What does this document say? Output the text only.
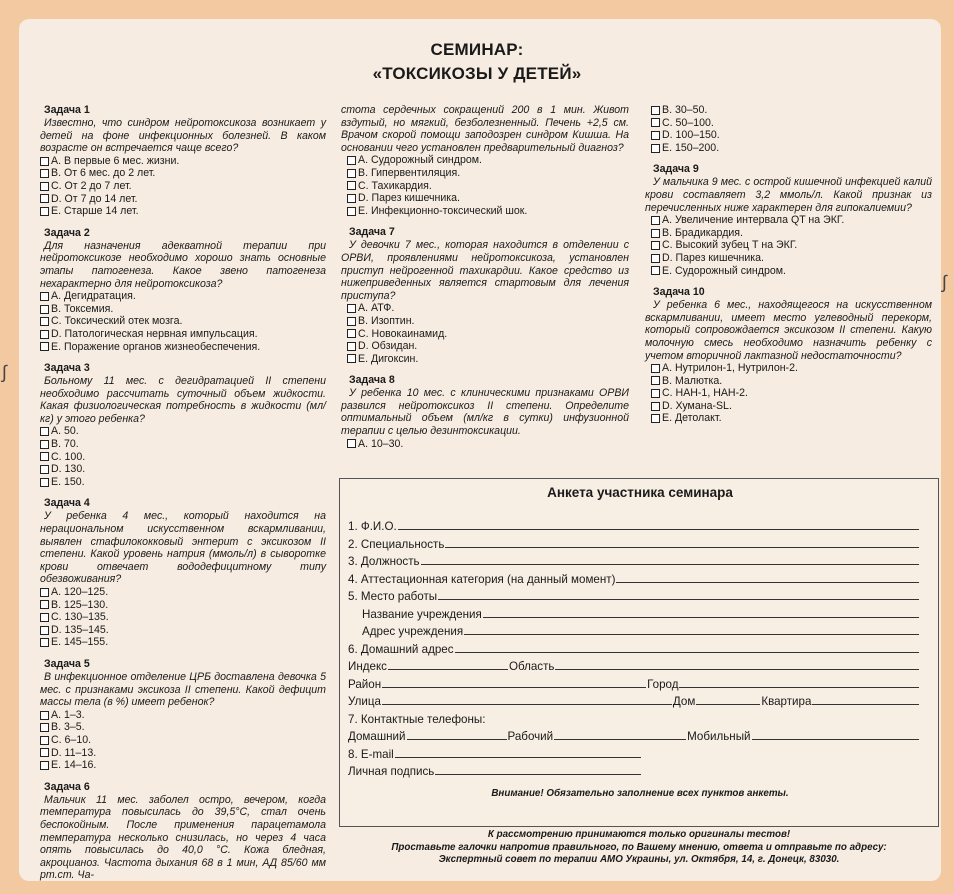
∫
∫
СЕМИНАР:
«ТОКСИКОЗЫ У ДЕТЕЙ»
Задача 1
Известно, что синдром нейротоксикоза возникает у детей на фоне инфекционных болезней. В каком возрасте он встречается чаще всего?
A. В первые 6 мес. жизни.
B. От 6 мес. до 2 лет.
C. От 2 до 7 лет.
D. От 7 до 14 лет.
E. Старше 14 лет.
Задача 2
Для назначения адекватной терапии при нейротоксикозе необходимо хорошо знать основные этапы патогенеза. Какое звено патогенеза нехарактерно для нейротоксикоза?
A. Дегидратация.
B. Токсемия.
C. Токсический отек мозга.
D. Патологическая нервная импульсация.
E. Поражение органов жизнеобеспечения.
Задача 3
Больному 11 мес. с дегидратацией II степени необходимо рассчитать суточный объем жидкости. Какая физиологическая потребность в жидкости (мл/кг) у этого ребенка?
A. 50.
B. 70.
C. 100.
D. 130.
E. 150.
Задача 4
У ребенка 4 мес., который находится на нерациональном искусственном вскармливании, выявлен стафилококковый энтерит с эксикозом II степени. Какой уровень натрия (ммоль/л) в сыворотке крови отвечает вододефицитному типу обезвоживания?
A. 120–125.
B. 125–130.
C. 130–135.
D. 135–145.
E. 145–155.
Задача 5
В инфекционное отделение ЦРБ доставлена девочка 5 мес. с признаками эксикоза II степени. Какой дефицит массы тела (в %) имеет ребенок?
A. 1–3.
B. 3–5.
C. 6–10.
D. 11–13.
E. 14–16.
Задача 6
Мальчик 11 мес. заболел остро, вечером, когда температура повысилась до 39,5°С, стал очень беспокойным. После применения парацетамола температура несколько снизилась, но через 4 часа опять повысилась до 40,0 °С. Кожа бледная, акроцианоз. Частота дыхания 68 в 1 мин, АД 85/60 мм рт.ст. Ча-
стота сердечных сокращений 200 в 1 мин. Живот вздутый, но мягкий, безболезненный. Печень +2,5 см. Врачом скорой помощи заподозрен синдром Кишша. На основании чего установлен предварительный диагноз?
A. Судорожный синдром.
B. Гипервентиляция.
C. Тахикардия.
D. Парез кишечника.
E. Инфекционно-токсический шок.
Задача 7
У девочки 7 мес., которая находится в отделении с ОРВИ, проявлениями нейротоксикоза, установлен приступ нейрогенной тахикардии. Какое средство из нижеприведенных является стартовым для лечения приступа?
A. АТФ.
B. Изоптин.
C. Новокаинамид.
D. Обзидан.
E. Дигоксин.
Задача 8
У ребенка 10 мес. с клиническими признаками ОРВИ развился нейротоксикоз II степени. Определите оптимальный объем (мл/кг в сутки) инфузионной терапии с целью дезинтоксикации.
A. 10–30.
B. 30–50.
C. 50–100.
D. 100–150.
E. 150–200.
Задача 9
У мальчика 9 мес. с острой кишечной инфекцией калий крови составляет 3,2 ммоль/л. Какой признак из перечисленных ниже характерен для гипокалиемии?
A. Увеличение интервала QT на ЭКГ.
B. Брадикардия.
C. Высокий зубец Т на ЭКГ.
D. Парез кишечника.
E. Судорожный синдром.
Задача 10
У ребенка 6 мес., находящегося на искусственном вскармливании, имеет место углеводный перекорм, который сопровождается эксикозом II степени. Какую молочную смесь необходимо назначить ребенку с учетом вторичной лактазной недостаточности?
A. Нутрилон-1, Нутрилон-2.
B. Малютка.
C. НАН-1, НАН-2.
D. Хумана-SL.
E. Детолакт.
Анкета участника семинара
1. Ф.И.О.
2. Специальность
3. Должность
4. Аттестационная категория (на данный момент)
5. Место работы
Название учреждения
Адрес учреждения
6. Домашний адрес
Индекс	Область
Район	Город
Улица	Дом	Квартира
7. Контактные телефоны:
Домашний	Рабочий	Мобильный
8. E-mail
Личная подпись
Внимание! Обязательно заполнение всех пунктов анкеты.
К рассмотрению принимаются только оригиналы тестов!
Проставьте галочки напротив правильного, по Вашему мнению, ответа и отправьте по адресу:
Экспертный совет по терапии АМО Украины, ул. Октября, 14, г. Донецк, 83030.
